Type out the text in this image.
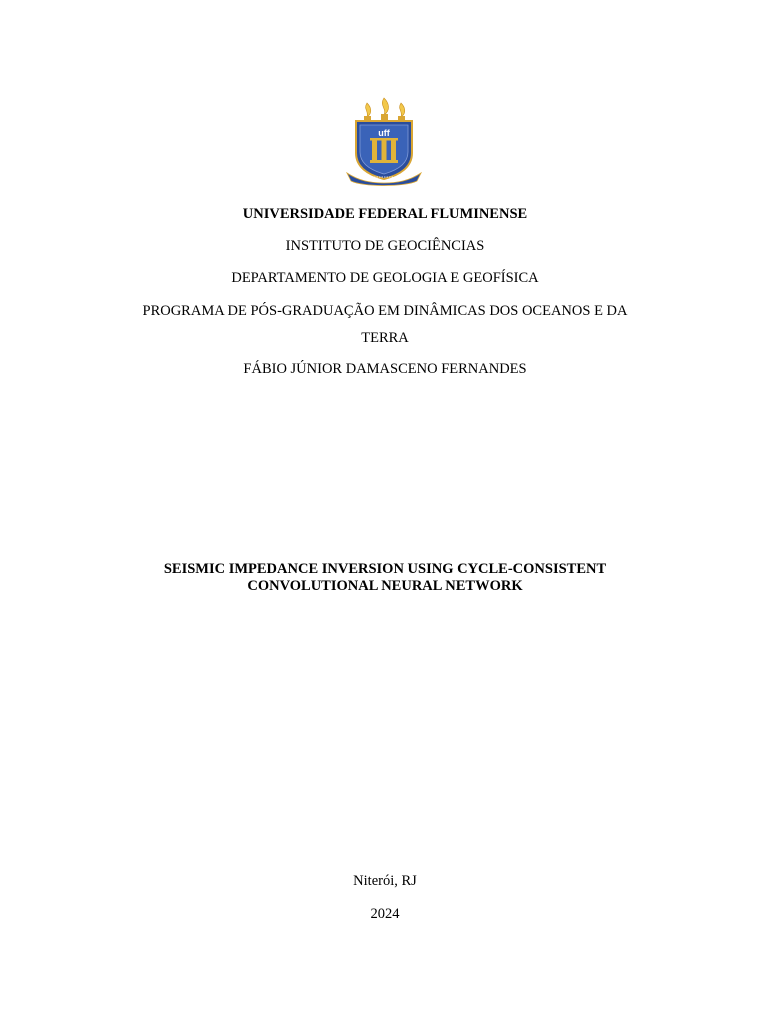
uff
UNIVERSIDADE FEDERAL FLUMINENSE
INSTITUTO DE GEOCIÊNCIAS
DEPARTAMENTO DE GEOLOGIA E GEOFÍSICA
PROGRAMA DE PÓS-GRADUAÇÃO EM DINÂMICAS DOS OCEANOS E DA
TERRA
FÁBIO JÚNIOR DAMASCENO FERNANDES
SEISMIC IMPEDANCE INVERSION USING CYCLE-CONSISTENT
CONVOLUTIONAL NEURAL NETWORK
Niterói, RJ
2024
